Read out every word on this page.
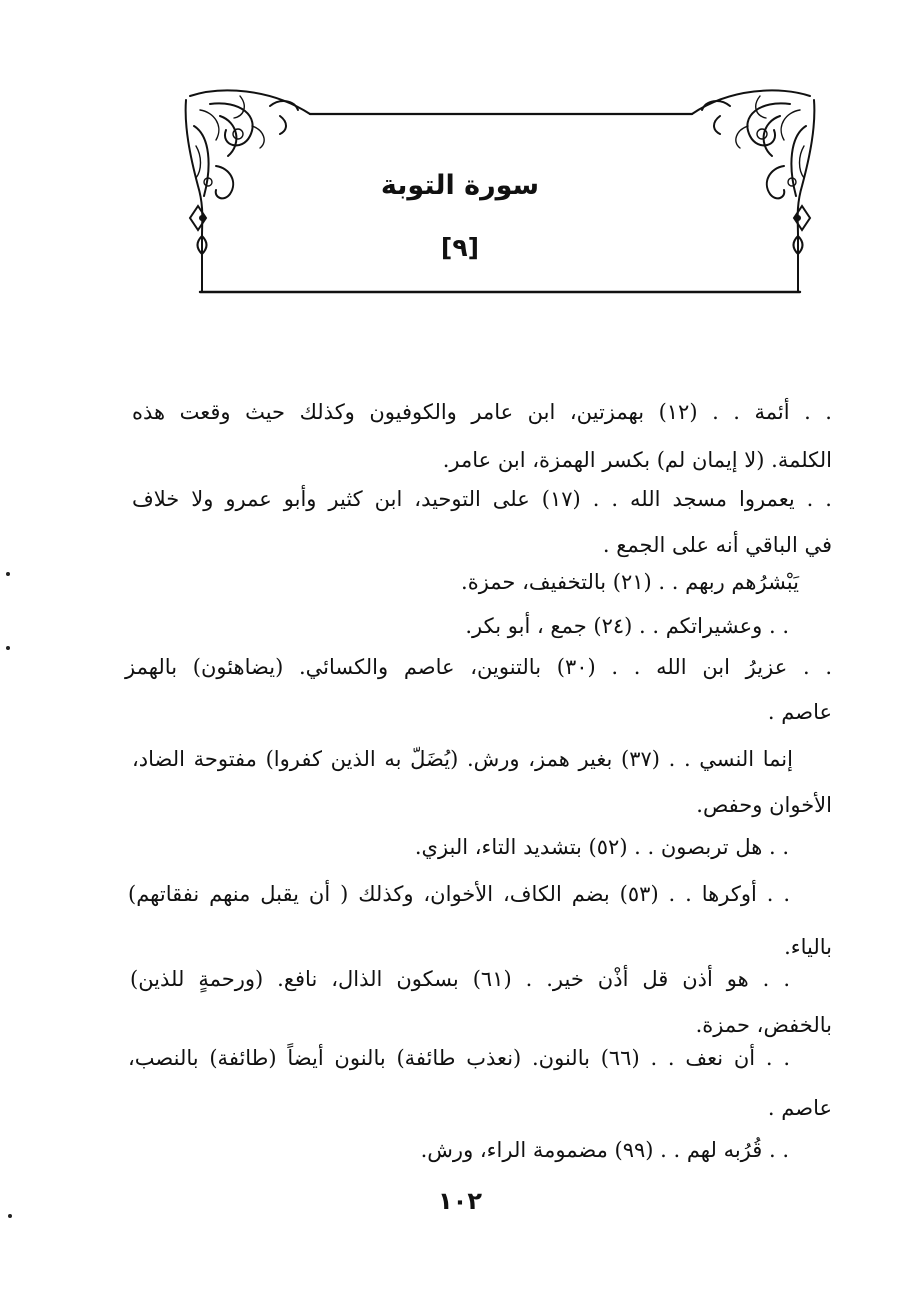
سورة التوبة
[٩]
. . أئمة . . (١٢) بهمزتين، ابن عامر والكوفيون وكذلك حيث وقعت هذه
الكلمة. (لا إيمان لم) بكسر الهمزة، ابن عامر.
. . يعمروا مسجد الله . . (١٧) على التوحيد، ابن كثير وأبو عمرو ولا خلاف
في الباقي أنه على الجمع .
يَبْشرُهم ربهم . . (٢١) بالتخفيف، حمزة.
. . وعشيراتكم . . (٢٤) جمع ، أبو بكر.
. . عزيرُ ابن الله . . (٣٠) بالتنوين، عاصم والكسائي. (يضاهئون) بالهمز
عاصم .
إنما النسي . . (٣٧) بغير همز، ورش. (يُضَلّ به الذين كفروا) مفتوحة الضاد،
الأخوان وحفص.
. . هل تربصون . . (٥٢) بتشديد التاء، البزي.
. . أوكرها . . (٥٣) بضم الكاف، الأخوان، وكذلك ( أن يقبل منهم نفقاتهم)
بالياء.
. . هو أذن قل أذْن خير. . (٦١) بسكون الذال، نافع. (ورحمةٍ للذين)
بالخفض، حمزة.
. . أن نعف . . (٦٦) بالنون. (نعذب طائفة) بالنون أيضاً (طائفة) بالنصب،
عاصم .
. . قُرُبه لهم . . (٩٩) مضمومة الراء، ورش.
١٠٢
